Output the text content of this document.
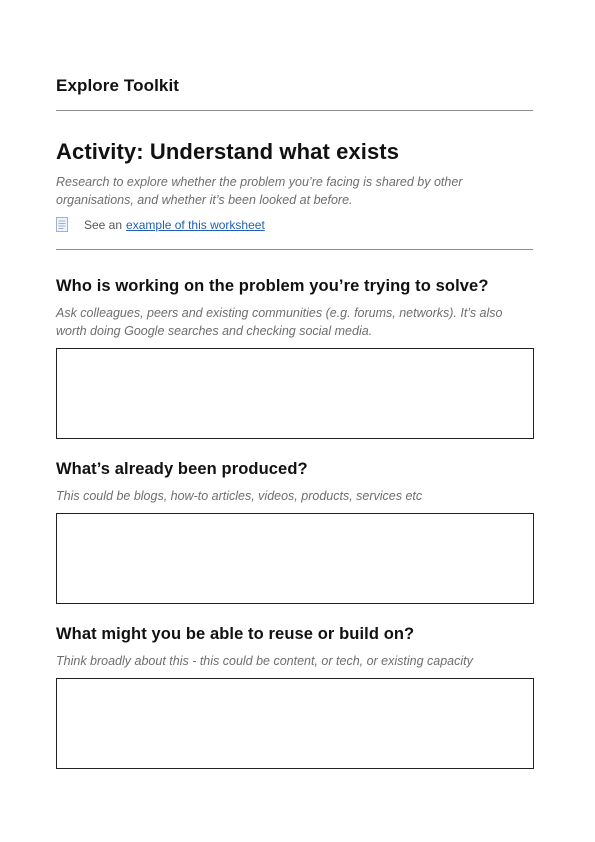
Explore Toolkit
Activity: Understand what exists
Research to explore whether the problem you’re facing is shared by other organisations, and whether it’s been looked at before.
See an example of this worksheet
Who is working on the problem you’re trying to solve?
Ask colleagues, peers and existing communities (e.g. forums, networks). It’s also worth doing Google searches and checking social media.
What’s already been produced?
This could be blogs, how-to articles, videos, products, services etc
What might you be able to reuse or build on?
Think broadly about this - this could be content, or tech, or existing capacity
